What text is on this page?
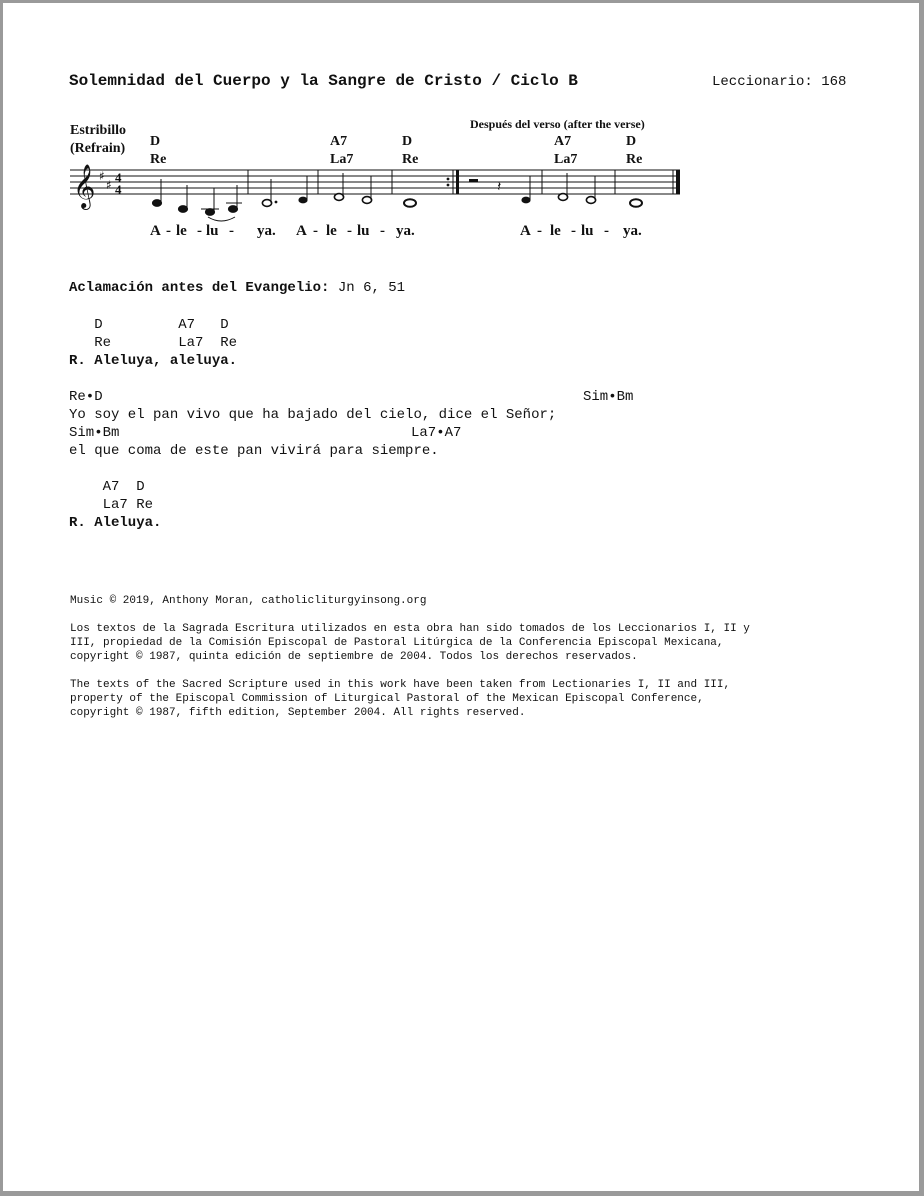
Solemnidad del Cuerpo y la Sangre de Cristo / Ciclo B	Leccionario: 168
Estribillo
(Refrain)
Después del verso (after the verse)
D
Re
A7
La7
D
Re
A7
La7
D
Re
𝄞 ♯
♯ 4
4	𝄽
A - le - lu - ya. A - le - lu - ya.	A - le - lu - ya.
Aclamación antes del Evangelio: Jn 6, 51
D         A7   D
Re        La7  Re
R. Aleluya, aleluya.
Re•D	Sim•Bm
Yo soy el pan vivo que ha bajado del cielo, dice el Señor;
Sim•Bm	La7•A7
el que coma de este pan vivirá para siempre.
A7  D
La7 Re
R. Aleluya.
Music © 2019, Anthony Moran, catholicliturgyinsong.org
Los textos de la Sagrada Escritura utilizados en esta obra han sido tomados de los Leccionarios I, II y
III, propiedad de la Comisión Episcopal de Pastoral Litúrgica de la Conferencia Episcopal Mexicana,
copyright © 1987, quinta edición de septiembre de 2004. Todos los derechos reservados.
The texts of the Sacred Scripture used in this work have been taken from Lectionaries I, II and III,
property of the Episcopal Commission of Liturgical Pastoral of the Mexican Episcopal Conference,
copyright © 1987, fifth edition, September 2004. All rights reserved.
